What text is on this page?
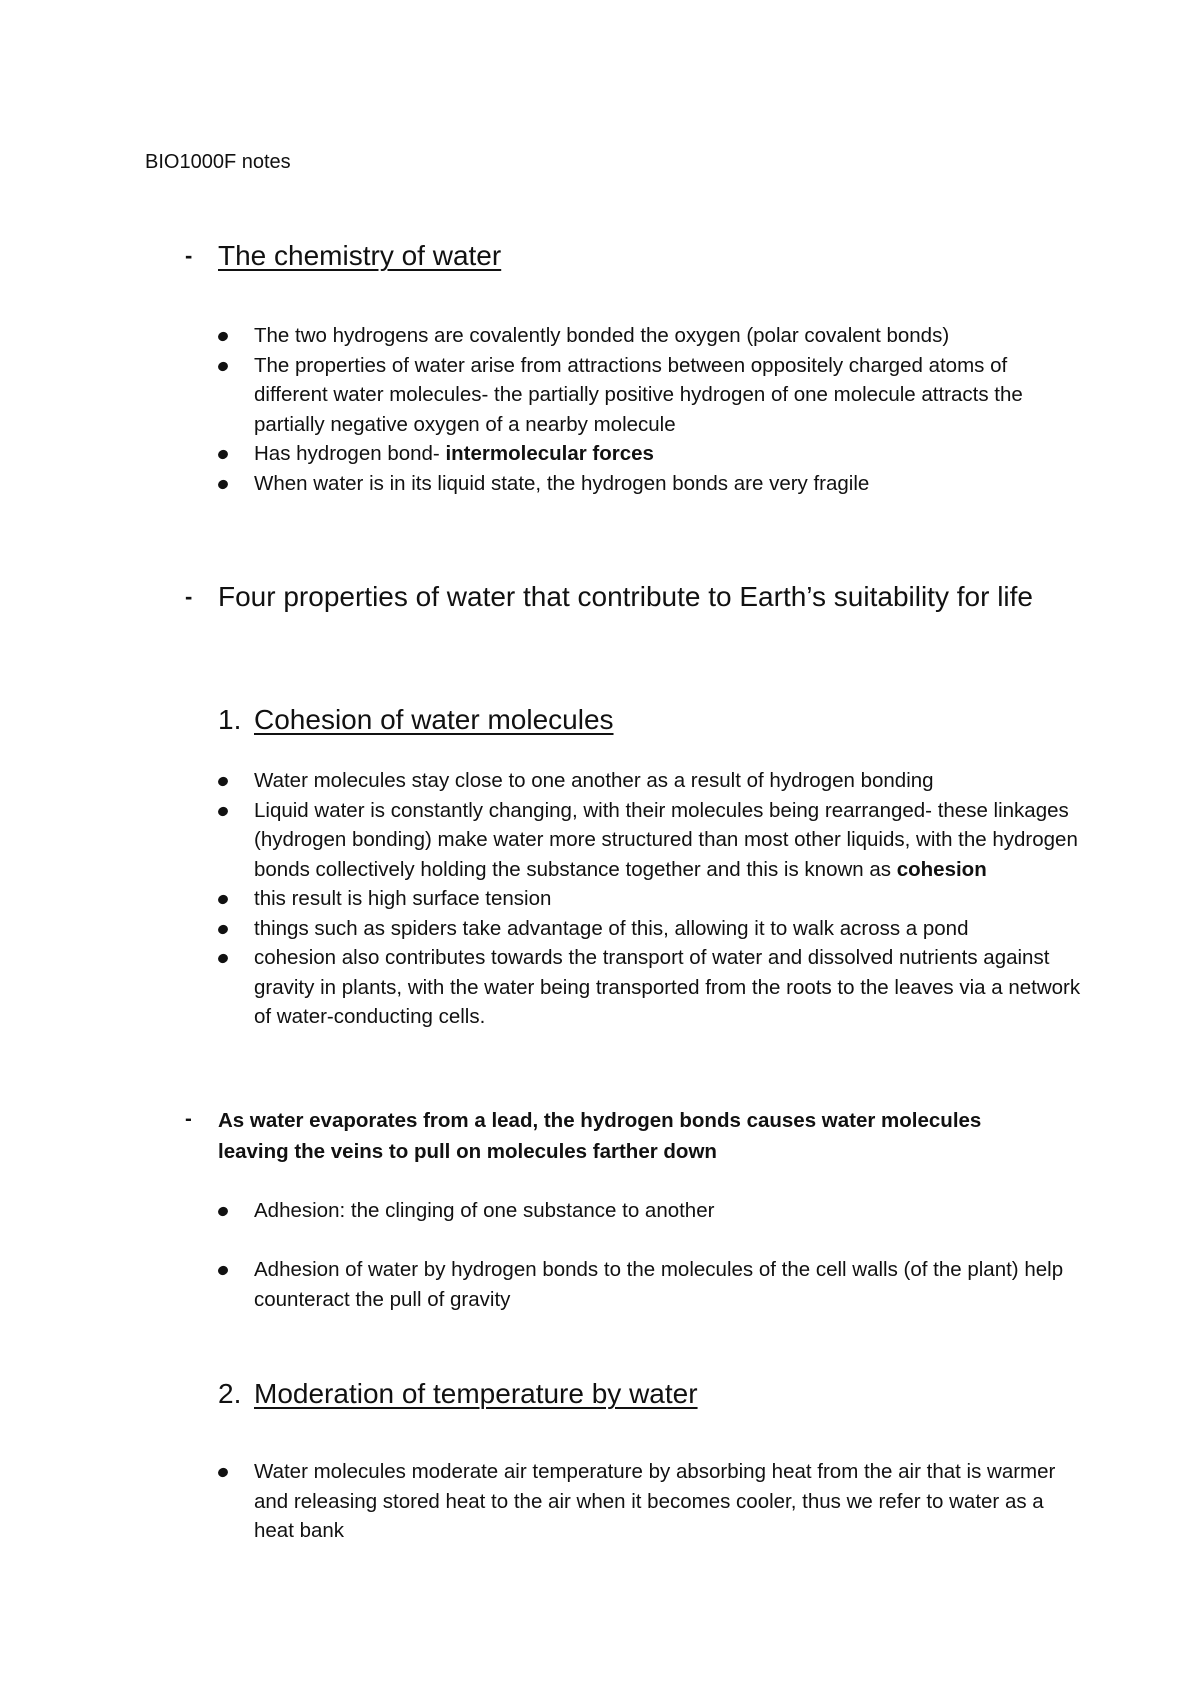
BIO1000F notes
- The chemistry of water
The two hydrogens are covalently bonded the oxygen (polar covalent bonds)
The properties of water arise from attractions between oppositely charged atoms of different water molecules- the partially positive hydrogen of one molecule attracts the partially negative oxygen of a nearby molecule
Has hydrogen bond- intermolecular forces
When water is in its liquid state, the hydrogen bonds are very fragile
- Four properties of water that contribute to Earth’s suitability for life
1. Cohesion of water molecules
Water molecules stay close to one another as a result of hydrogen bonding
Liquid water is constantly changing, with their molecules being rearranged- these linkages (hydrogen bonding) make water more structured than most other liquids, with the hydrogen bonds collectively holding the substance together and this is known as cohesion
this result is high surface tension
things such as spiders take advantage of this, allowing it to walk across a pond
cohesion also contributes towards the transport of water and dissolved nutrients against gravity in plants, with the water being transported from the roots to the leaves via a network of water-conducting cells.
- As water evaporates from a lead, the hydrogen bonds causes water molecules leaving the veins to pull on molecules farther down
Adhesion: the clinging of one substance to another
Adhesion of water by hydrogen bonds to the molecules of the cell walls (of the plant) help counteract the pull of gravity
2. Moderation of temperature by water
Water molecules moderate air temperature by absorbing heat from the air that is warmer and releasing stored heat to the air when it becomes cooler, thus we refer to water as a heat bank
